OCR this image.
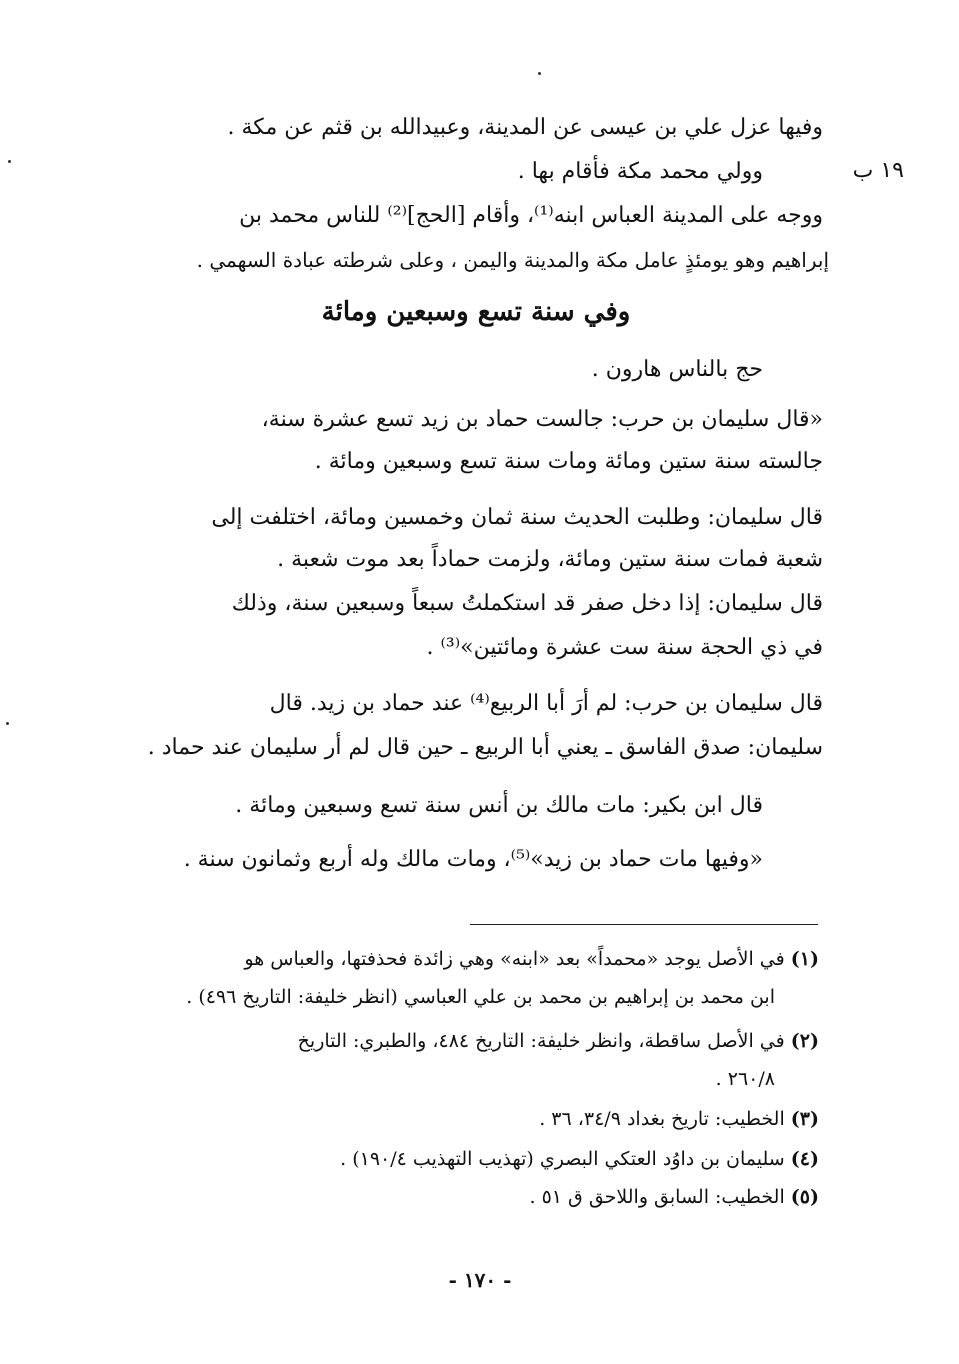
١٩ ب
وفيها عزل علي بن عيسى عن المدينة، وعبيدالله بن قثم عن مكة .
وولي محمد مكة فأقام بها .
ووجه على المدينة العباس ابنه⁽¹⁾، وأقام [الحج]⁽²⁾ للناس محمد بن
إبراهيم وهو يومئذٍ عامل مكة والمدينة واليمن ، وعلى شرطته عبادة السهمي .
وفي سنة تسع وسبعين ومائة
حج بالناس هارون .
«قال سليمان بن حرب: جالست حماد بن زيد تسع عشرة سنة،
جالسته سنة ستين ومائة ومات سنة تسع وسبعين ومائة .
قال سليمان: وطلبت الحديث سنة ثمان وخمسين ومائة، اختلفت إلى
شعبة فمات سنة ستين ومائة، ولزمت حماداً بعد موت شعبة .
قال سليمان: إذا دخل صفر قد استكملتُ سبعاً وسبعين سنة، وذلك
في ذي الحجة سنة ست عشرة ومائتين»⁽³⁾ .
قال سليمان بن حرب: لم أرَ أبا الربيع⁽⁴⁾ عند حماد بن زيد. قال
سليمان: صدق الفاسق ـ يعني أبا الربيع ـ حين قال لم أر سليمان عند حماد .
قال ابن بكير: مات مالك بن أنس سنة تسع وسبعين ومائة .
«وفيها مات حماد بن زيد»⁽⁵⁾، ومات مالك وله أربع وثمانون سنة .
(١) في الأصل يوجد «محمداً» بعد «ابنه» وهي زائدة فحذفتها، والعباس هو
ابن محمد بن إبراهيم بن محمد بن علي العباسي (انظر خليفة: التاريخ ٤٩٦) .
(٢) في الأصل ساقطة، وانظر خليفة: التاريخ ٤٨٤، والطبري: التاريخ
٢٦٠/٨ .
(٣) الخطيب: تاريخ بغداد ٣٤/٩، ٣٦ .
(٤) سليمان بن داوُد العتكي البصري (تهذيب التهذيب ١٩٠/٤) .
(٥) الخطيب: السابق واللاحق ق ٥١ .
- ١٧٠ -
